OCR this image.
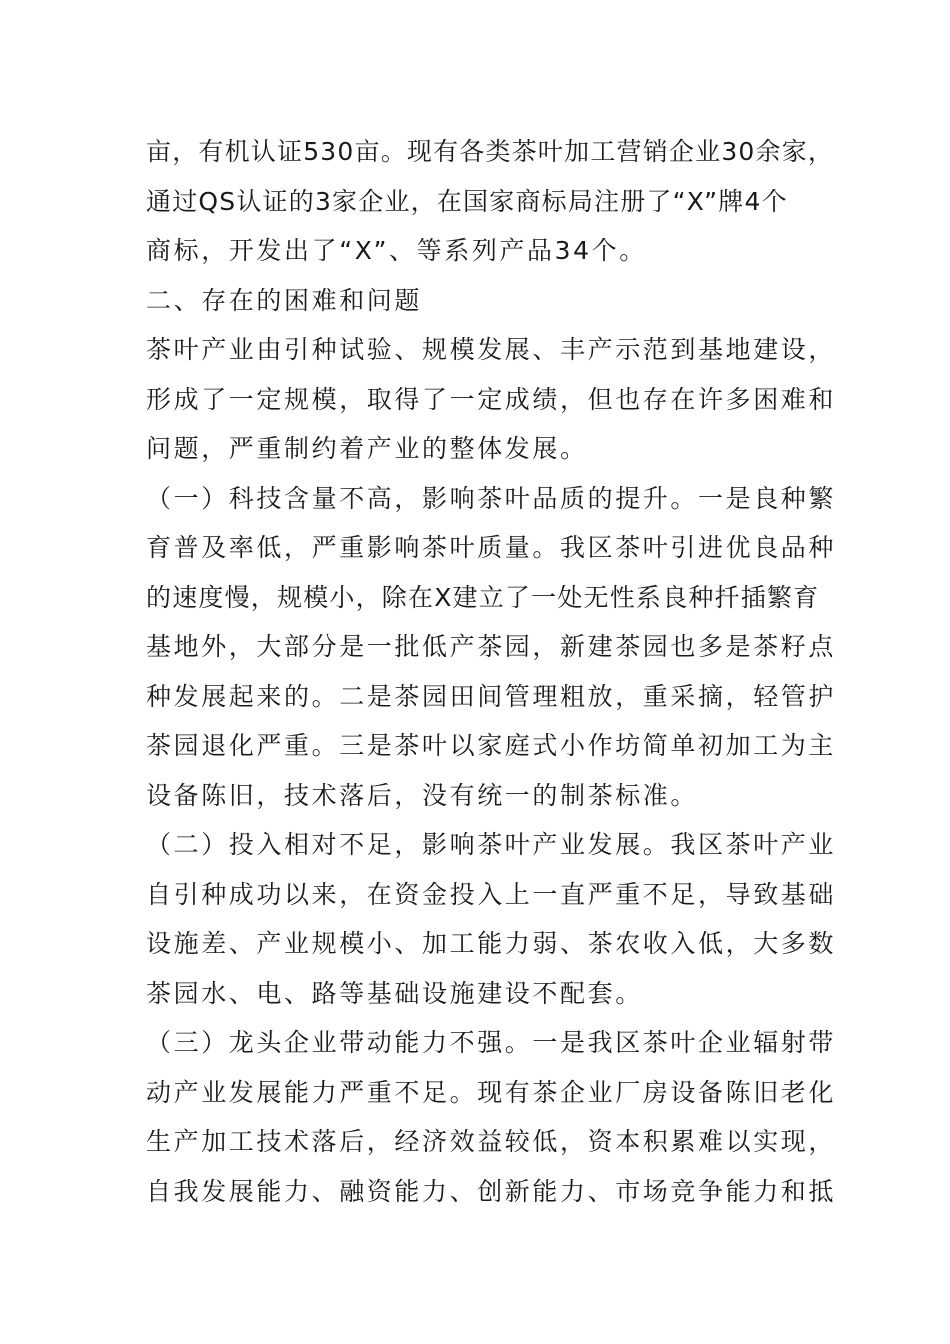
亩，有机认证530亩。现有各类茶叶加工营销企业30余家，
通过QS认证的3家企业，在国家商标局注册了“X”牌4个
商标，开发出了“X”、等系列产品34个。
二、存在的困难和问题
茶叶产业由引种试验、规模发展、丰产示范到基地建设，
形成了一定规模，取得了一定成绩，但也存在许多困难和
问题，严重制约着产业的整体发展。
（一）科技含量不高，影响茶叶品质的提升。一是良种繁
育普及率低，严重影响茶叶质量。我区茶叶引进优良品种
的速度慢，规模小，除在X建立了一处无性系良种扦插繁育
基地外，大部分是一批低产茶园，新建茶园也多是茶籽点
种发展起来的。二是茶园田间管理粗放，重采摘，轻管护
茶园退化严重。三是茶叶以家庭式小作坊简单初加工为主
设备陈旧，技术落后，没有统一的制茶标准。
（二）投入相对不足，影响茶叶产业发展。我区茶叶产业
自引种成功以来，在资金投入上一直严重不足，导致基础
设施差、产业规模小、加工能力弱、茶农收入低，大多数
茶园水、电、路等基础设施建设不配套。
（三）龙头企业带动能力不强。一是我区茶叶企业辐射带
动产业发展能力严重不足。现有茶企业厂房设备陈旧老化
生产加工技术落后，经济效益较低，资本积累难以实现，
自我发展能力、融资能力、创新能力、市场竞争能力和抵
